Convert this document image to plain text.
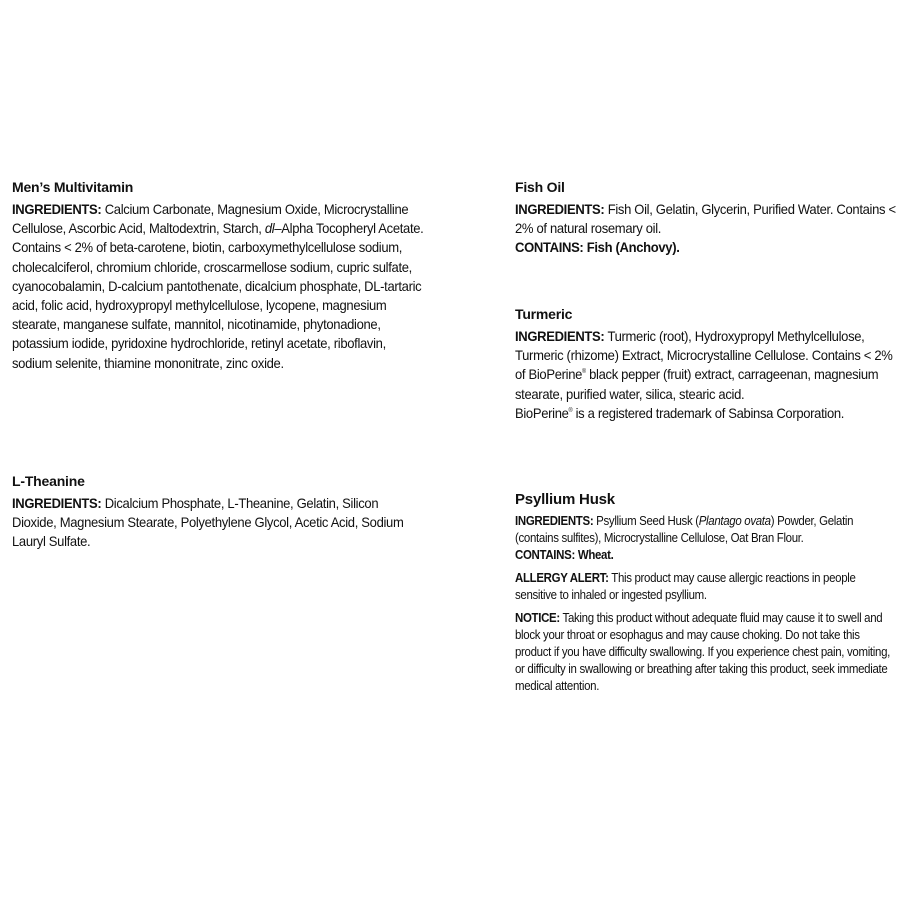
Men’s Multivitamin

INGREDIENTS: Calcium Carbonate, Magnesium Oxide, Microcrystalline Cellulose, Ascorbic Acid, Maltodextrin, Starch, dl–Alpha Tocopheryl Acetate. Contains < 2% of beta-carotene, biotin, carboxymethylcellulose sodium, cholecalciferol, chromium chloride, croscarmellose sodium, cupric sulfate, cyanocobalamin, D-calcium pantothenate, dicalcium phosphate, DL-tartaric acid, folic acid, hydroxypropyl methylcellulose, lycopene, magnesium stearate, manganese sulfate, mannitol, nicotinamide, phytonadione, potassium iodide, pyridoxine hydrochloride, retinyl acetate, riboflavin, sodium selenite, thiamine mononitrate, zinc oxide.

L-Theanine

INGREDIENTS: Dicalcium Phosphate, L-Theanine, Gelatin, Silicon Dioxide, Magnesium Stearate, Polyethylene Glycol, Acetic Acid, Sodium Lauryl Sulfate.

Fish Oil

INGREDIENTS: Fish Oil, Gelatin, Glycerin, Purified Water. Contains < 2% of natural rosemary oil.
CONTAINS: Fish (Anchovy).

Turmeric

INGREDIENTS: Turmeric (root), Hydroxypropyl Methylcellulose, Turmeric (rhizome) Extract, Microcrystalline Cellulose. Contains < 2% of BioPerine® black pepper (fruit) extract, carrageenan, magnesium stearate, purified water, silica, stearic acid.
BioPerine® is a registered trademark of Sabinsa Corporation.

Psyllium Husk

INGREDIENTS: Psyllium Seed Husk (Plantago ovata) Powder, Gelatin (contains sulfites), Microcrystalline Cellulose, Oat Bran Flour.
CONTAINS: Wheat.

ALLERGY ALERT: This product may cause allergic reactions in people sensitive to inhaled or ingested psyllium.

NOTICE: Taking this product without adequate fluid may cause it to swell and block your throat or esophagus and may cause choking. Do not take this product if you have difficulty swallowing. If you experience chest pain, vomiting, or difficulty in swallowing or breathing after taking this product, seek immediate medical attention.
